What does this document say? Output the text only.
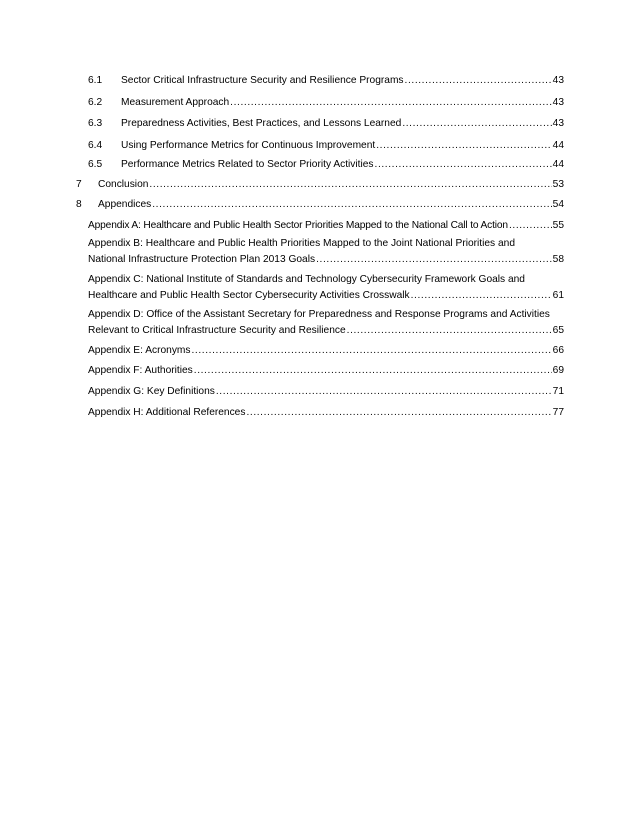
6.1 Sector Critical Infrastructure Security and Resilience Programs .....	43
6.2 Measurement Approach .....	43
6.3 Preparedness Activities, Best Practices, and Lessons Learned .....	43
6.4 Using Performance Metrics for Continuous Improvement .....	44
6.5 Performance Metrics Related to Sector Priority Activities .....	44
7 Conclusion .....	53
8 Appendices .....	54
Appendix A: Healthcare and Public Health Sector Priorities Mapped to the National Call to Action .....	55
Appendix B: Healthcare and Public Health Priorities Mapped to the Joint National Priorities and
National Infrastructure Protection Plan 2013 Goals .....	58
Appendix C: National Institute of Standards and Technology Cybersecurity Framework Goals and
Healthcare and Public Health Sector Cybersecurity Activities Crosswalk .....	61
Appendix D: Office of the Assistant Secretary for Preparedness and Response Programs and Activities
Relevant to Critical Infrastructure Security and Resilience .....	65
Appendix E: Acronyms .....	66
Appendix F: Authorities .....	69
Appendix G: Key Definitions .....	71
Appendix H: Additional References .....	77
